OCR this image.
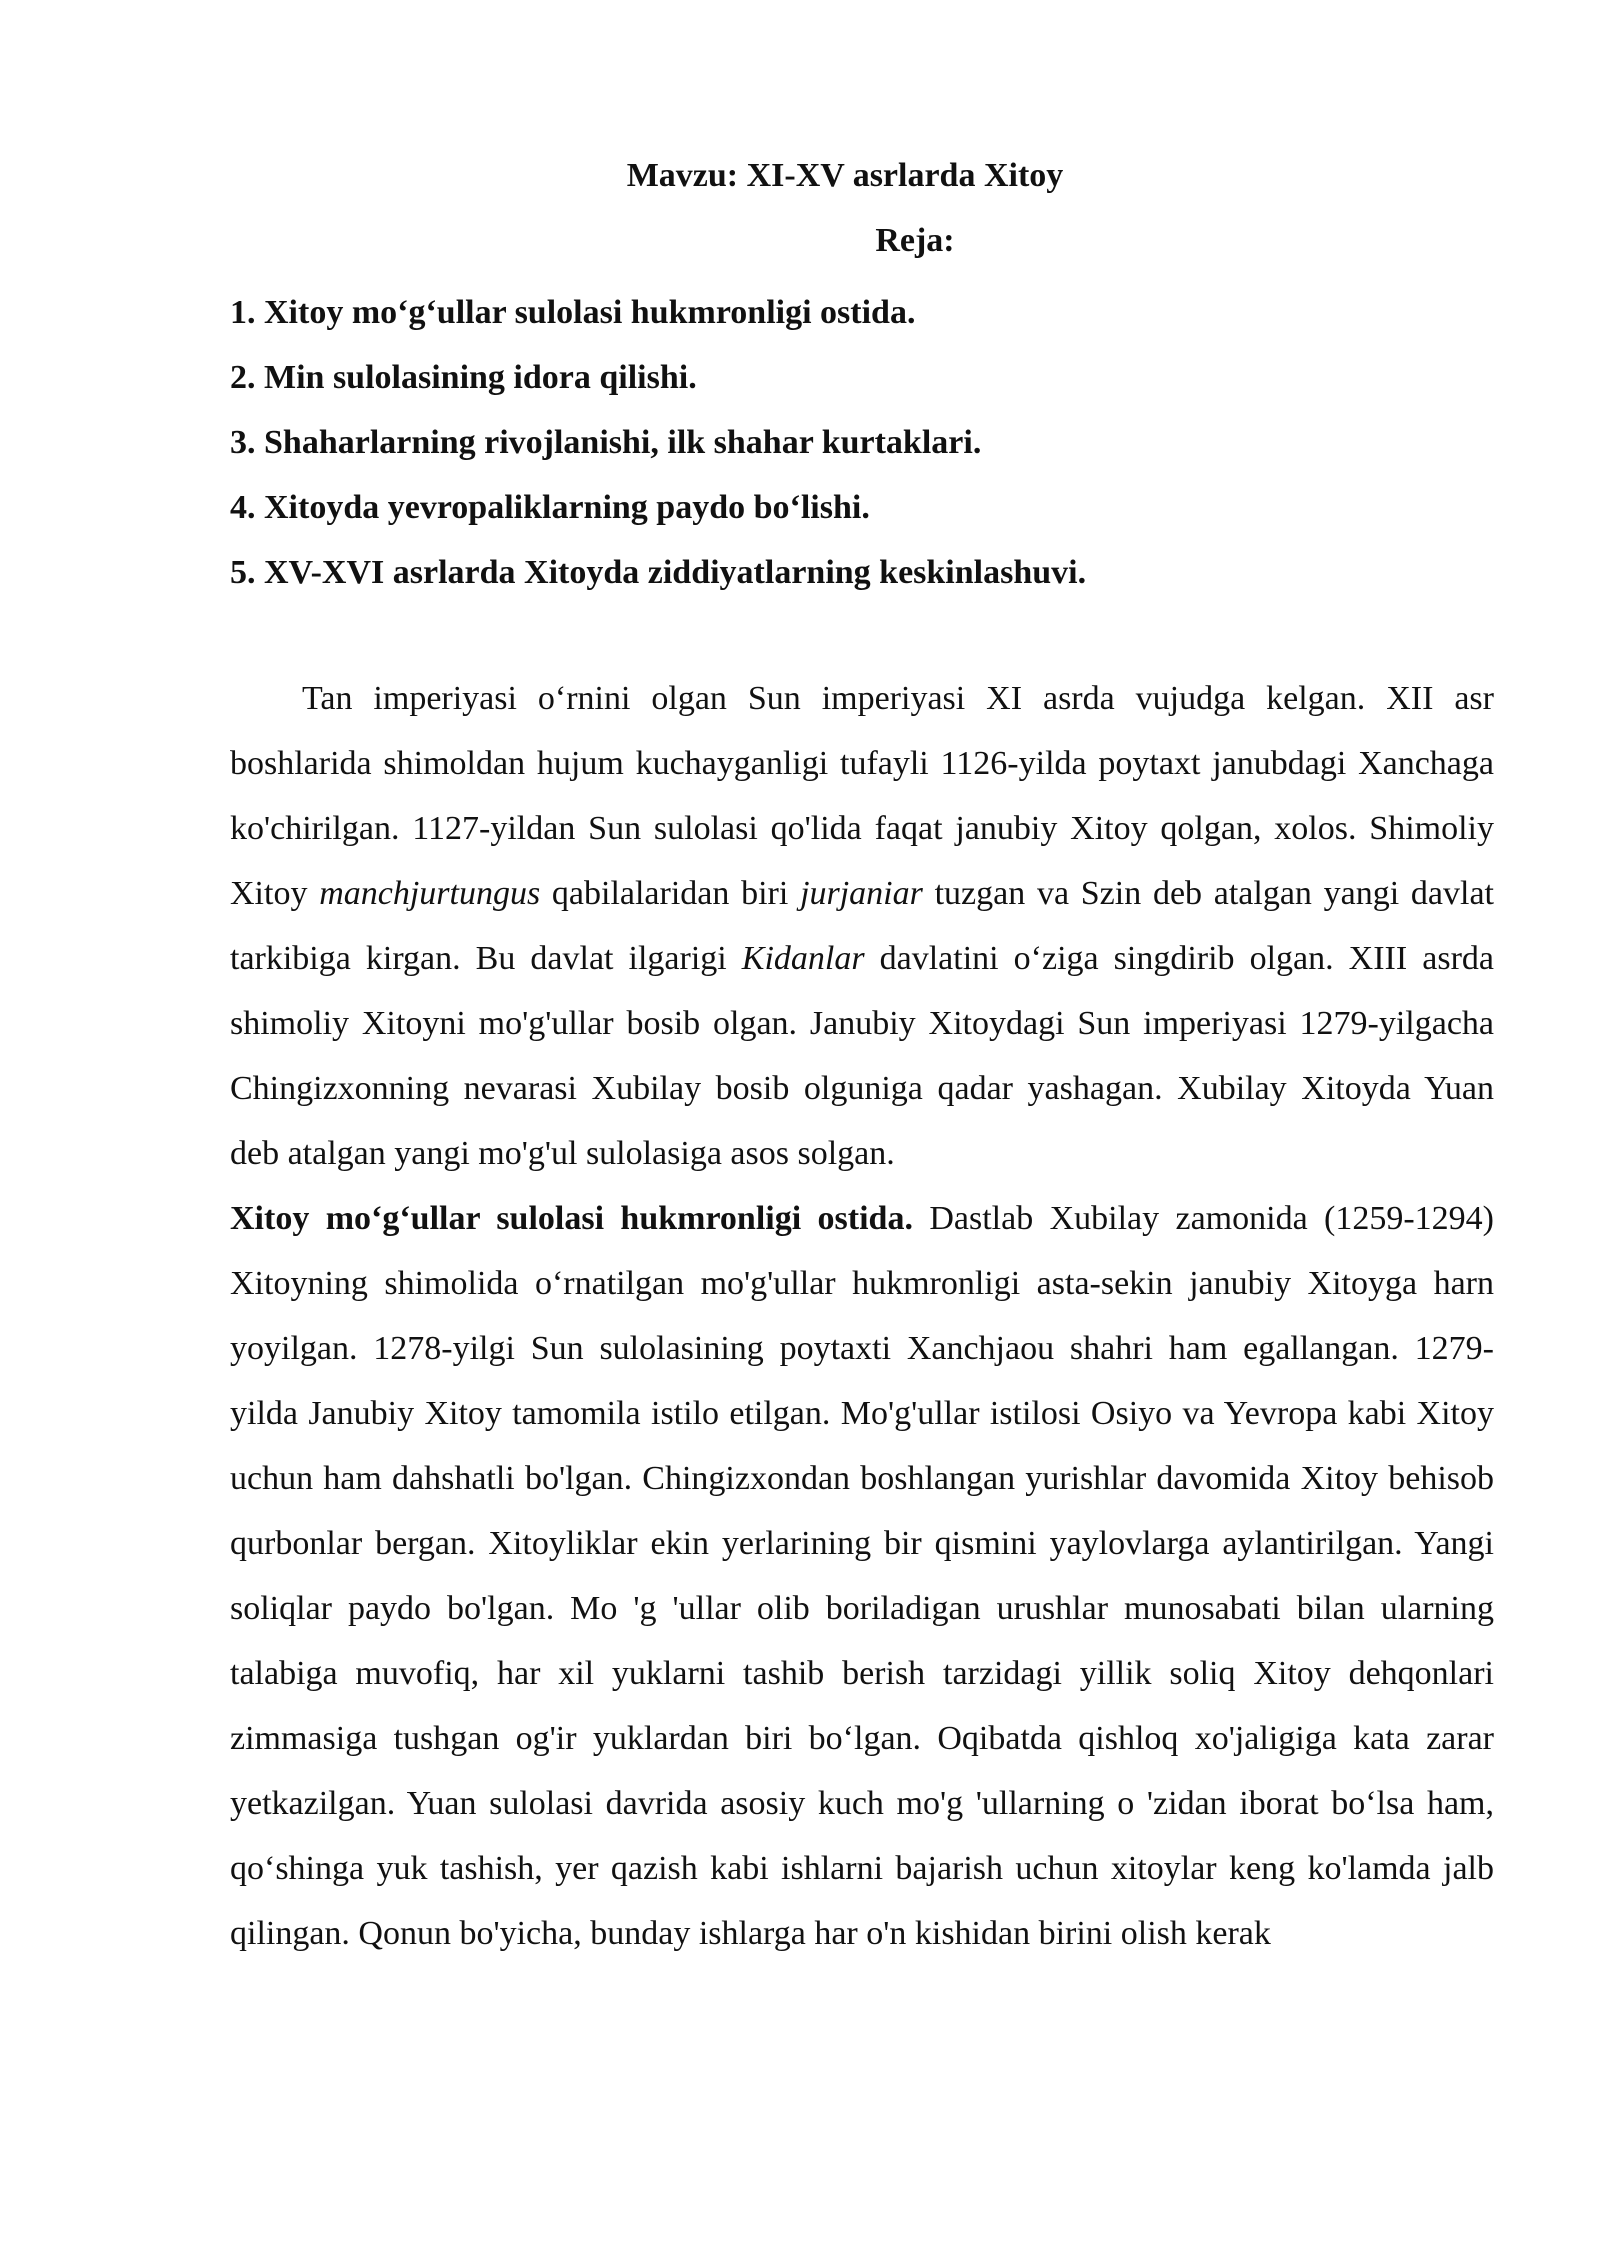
Mavzu: XI-XV asrlarda Xitoy
Reja:
1. Xitoy mo‘g‘ullar sulolasi hukmronligi ostida.
2. Min sulolasining idora qilishi.
3. Shaharlarning rivojlanishi, ilk shahar kurtaklari.
4. Xitoyda yevropaliklarning paydo bo‘lishi.
5. XV-XVI asrlarda Xitoyda ziddiyatlarning keskinlashuvi.

Tan imperiyasi o‘rnini olgan Sun imperiyasi XI asrda vujudga kelgan. XII asr boshlarida shimoldan hujum kuchayganligi tufayli 1126-yilda poytaxt janubdagi Xanchaga ko'chirilgan. 1127-yildan Sun sulolasi qo'lida faqat janubiy Xitoy qolgan, xolos. Shimoliy Xitoy manchjurtungus qabilalaridan biri jurjaniar tuzgan va Szin deb atalgan yangi davlat tarkibiga kirgan. Bu davlat ilgarigi Kidanlar davlatini o‘ziga singdirib olgan. XIII asrda shimoliy Xitoyni mo'g'ullar bosib olgan. Janubiy Xitoydagi Sun imperiyasi 1279-yilgacha Chingizxonning nevarasi Xubilay bosib olguniga qadar yashagan. Xubilay Xitoyda Yuan deb atalgan yangi mo'g'ul sulolasiga asos solgan.

Xitoy mo‘g‘ullar sulolasi hukmronligi ostida. Dastlab Xubilay zamonida (1259-1294) Xitoyning shimolida o‘rnatilgan mo'g'ullar hukmronligi asta-sekin janubiy Xitoyga harn yoyilgan. 1278-yilgi Sun sulolasining poytaxti Xanchjaou shahri ham egallangan. 1279-yilda Janubiy Xitoy tamomila istilo etilgan. Mo'g'ullar istilosi Osiyo va Yevropa kabi Xitoy uchun ham dahshatli bo'lgan. Chingizxondan boshlangan yurishlar davomida Xitoy behisob qurbonlar bergan. Xitoyliklar ekin yerlarining bir qismini yaylovlarga aylantirilgan. Yangi soliqlar paydo bo'lgan. Mo 'g 'ullar olib boriladigan urushlar munosabati bilan ularning talabiga muvofiq, har xil yuklarni tashib berish tarzidagi yillik soliq Xitoy dehqonlari zimmasiga tushgan og'ir yuklardan biri bo‘lgan. Oqibatda qishloq xo'jaligiga kata zarar yetkazilgan. Yuan sulolasi davrida asosiy kuch mo'g 'ullarning o 'zidan iborat bo‘lsa ham, qo‘shinga yuk tashish, yer qazish kabi ishlarni bajarish uchun xitoylar keng ko'lamda jalb qilingan. Qonun bo'yicha, bunday ishlarga har o'n kishidan birini olish kerak
